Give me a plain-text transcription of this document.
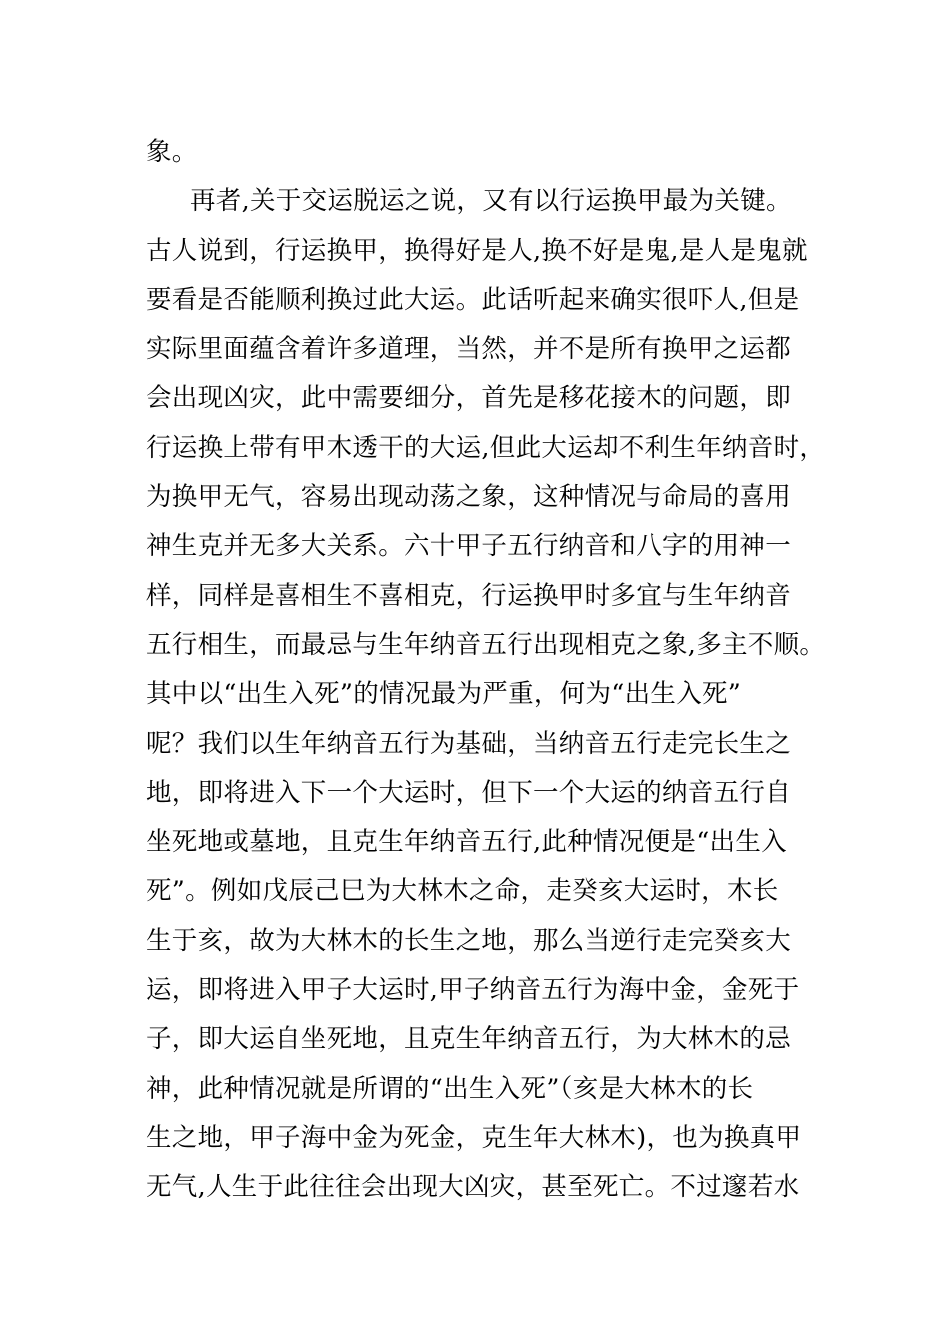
象。
再者,关于交运脱运之说，又有以行运换甲最为关键。
古人说到，行运换甲，换得好是人,换不好是鬼,是人是鬼就
要看是否能顺利换过此大运。此话听起来确实很吓人,但是
实际里面蕴含着许多道理，当然，并不是所有换甲之运都
会出现凶灾，此中需要细分，首先是移花接木的问题，即
行运换上带有甲木透干的大运,但此大运却不利生年纳音时，
为换甲无气，容易出现动荡之象，这种情况与命局的喜用
神生克并无多大关系。六十甲子五行纳音和八字的用神一
样，同样是喜相生不喜相克，行运换甲时多宜与生年纳音
五行相生，而最忌与生年纳音五行出现相克之象,多主不顺。
其中以“出生入死”的情况最为严重，何为“出生入死”
呢？我们以生年纳音五行为基础，当纳音五行走完长生之
地，即将进入下一个大运时，但下一个大运的纳音五行自
坐死地或墓地，且克生年纳音五行,此种情况便是“出生入
死”。例如戊辰己巳为大林木之命，走癸亥大运时，木长
生于亥，故为大林木的长生之地，那么当逆行走完癸亥大
运，即将进入甲子大运时,甲子纳音五行为海中金，金死于
子，即大运自坐死地，且克生年纳音五行，为大林木的忌
神，此种情况就是所谓的“出生入死”（亥是大林木的长
生之地，甲子海中金为死金，克生年大林木)，也为换真甲
无气,人生于此往往会出现大凶灾，甚至死亡。不过邃若水
